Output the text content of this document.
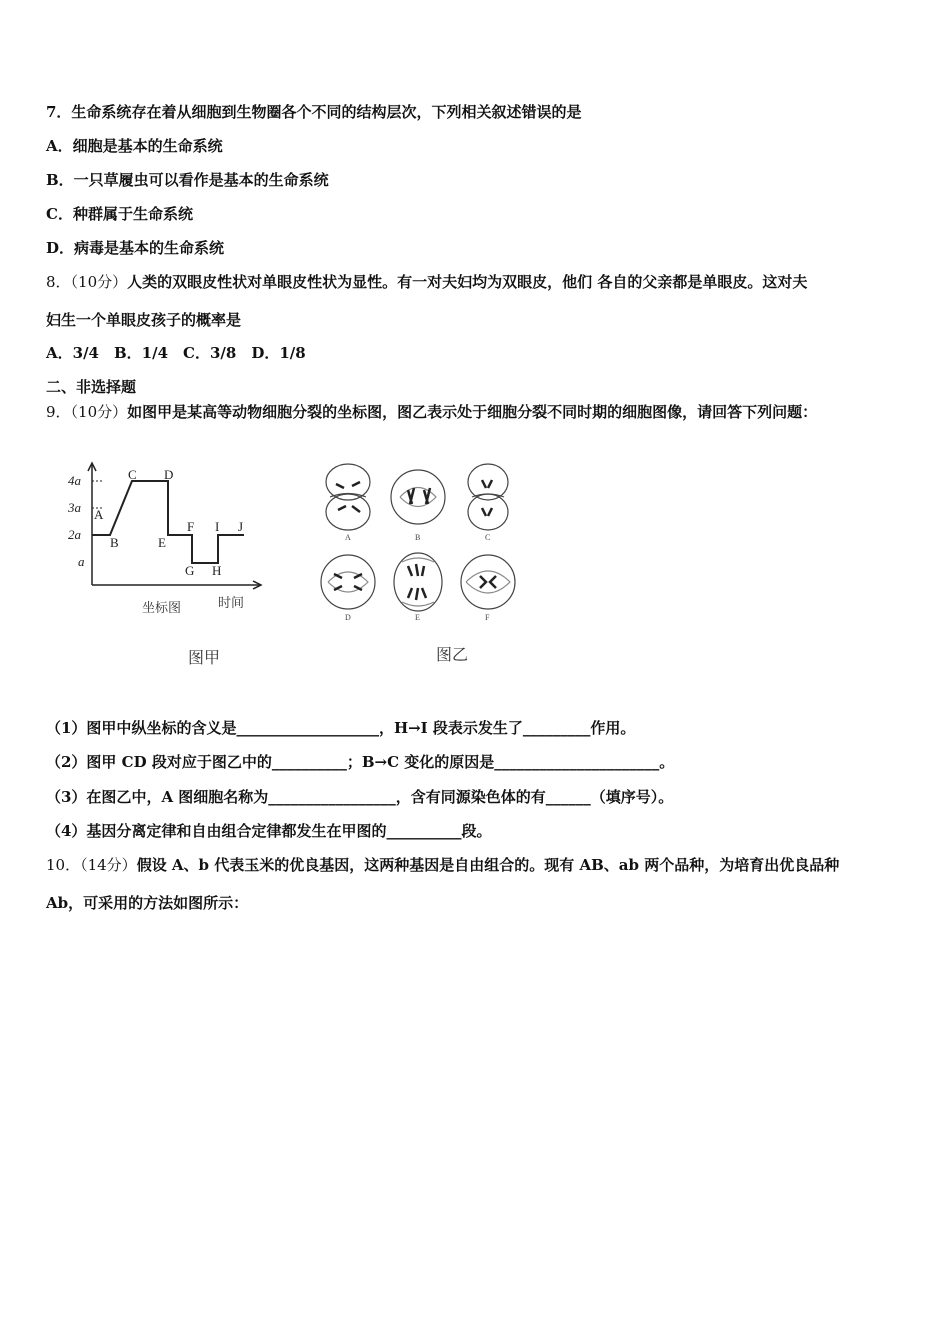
7．生命系统存在着从细胞到生物圈各个不同的结构层次，下列相关叙述错误的是
A．细胞是基本的生命系统
B．一只草履虫可以看作是基本的生命系统
C．种群属于生命系统
D．病毒是基本的生命系统
8．（10分）人类的双眼皮性状对单眼皮性状为显性。有一对夫妇均为双眼皮，他们 各自的父亲都是单眼皮。这对夫
妇生一个单眼皮孩子的概率是
A．3/4　B．1/4　C．3/8　D．1/8
二、非选择题
9．（10分）如图甲是某高等动物细胞分裂的坐标图，图乙表示处于细胞分裂不同时期的细胞图像，请回答下列问题：
4a
3a
2a
a
A
B
C D
E
F
G H
I J
坐标图	时间
图甲
A	B	C
D	E	F
图乙
（1）图甲中纵坐标的含义是___________________，H→I 段表示发生了_________作用。
（2）图甲 CD 段对应于图乙中的__________；B→C 变化的原因是______________________。
（3）在图乙中，A 图细胞名称为_________________，含有同源染色体的有______（填序号）。
（4）基因分离定律和自由组合定律都发生在甲图的__________段。
10．（14分）假设 A、b 代表玉米的优良基因，这两种基因是自由组合的。现有 AB、ab 两个品种，为培育出优良品种
Ab，可采用的方法如图所示：
